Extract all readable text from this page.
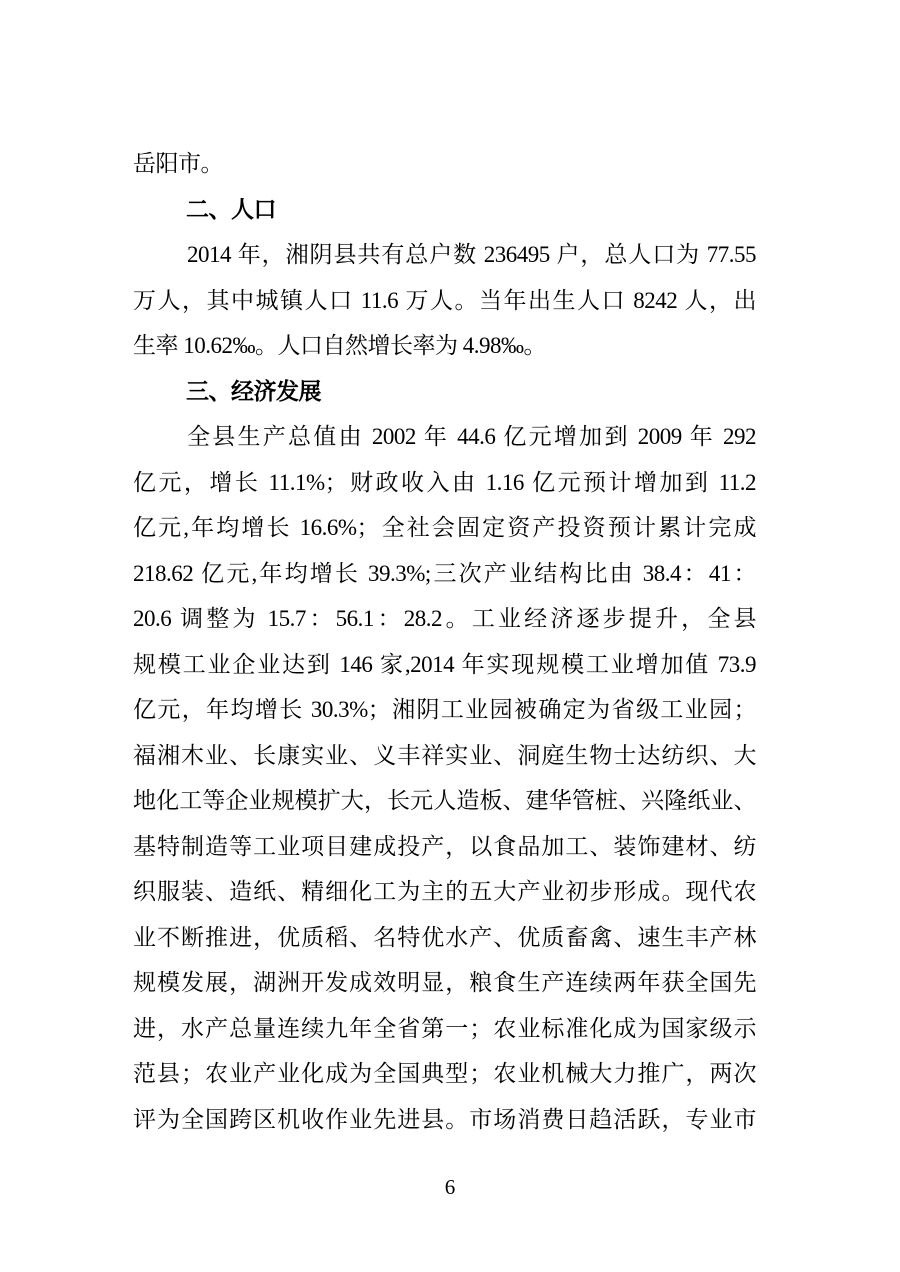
岳阳市。
二、人口
2014 年，湘阴县共有总户数 236495 户，总人口为 77.55
万人，其中城镇人口 11.6 万人。当年出生人口 8242 人，出
生率 10.62‰。人口自然增长率为 4.98‰。
三、经济发展
全县生产总值由 2002 年 44.6 亿元增加到 2009 年 292
亿元，增长 11.1%；财政收入由 1.16 亿元预计增加到 11.2
亿元,年均增长 16.6%；全社会固定资产投资预计累计完成
218.62 亿元,年均增长 39.3%;三次产业结构比由 38.4：41：
20.6 调整为 15.7：56.1：28.2。工业经济逐步提升，全县
规模工业企业达到 146 家,2014 年实现规模工业增加值 73.9
亿元，年均增长 30.3%；湘阴工业园被确定为省级工业园；
福湘木业、长康实业、义丰祥实业、洞庭生物士达纺织、大
地化工等企业规模扩大，长元人造板、建华管桩、兴隆纸业、
基特制造等工业项目建成投产，以食品加工、装饰建材、纺
织服装、造纸、精细化工为主的五大产业初步形成。现代农
业不断推进，优质稻、名特优水产、优质畜禽、速生丰产林
规模发展，湖洲开发成效明显，粮食生产连续两年获全国先
进，水产总量连续九年全省第一；农业标准化成为国家级示
范县；农业产业化成为全国典型；农业机械大力推广，两次
评为全国跨区机收作业先进县。市场消费日趋活跃，专业市
6
